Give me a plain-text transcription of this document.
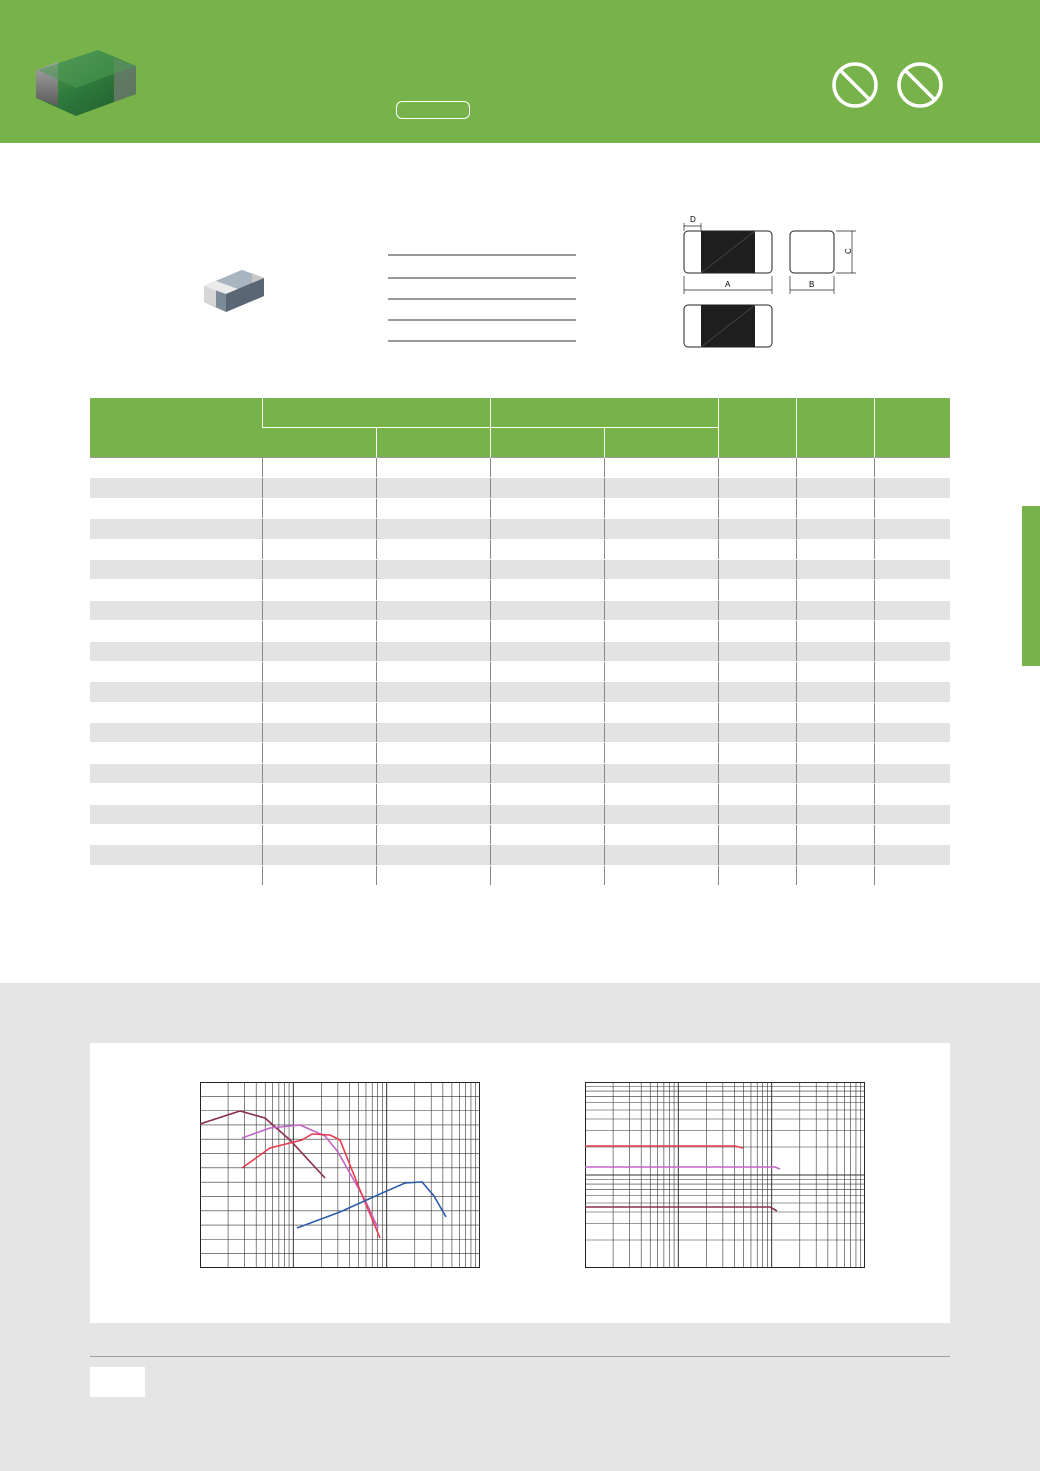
D
A	B
C
